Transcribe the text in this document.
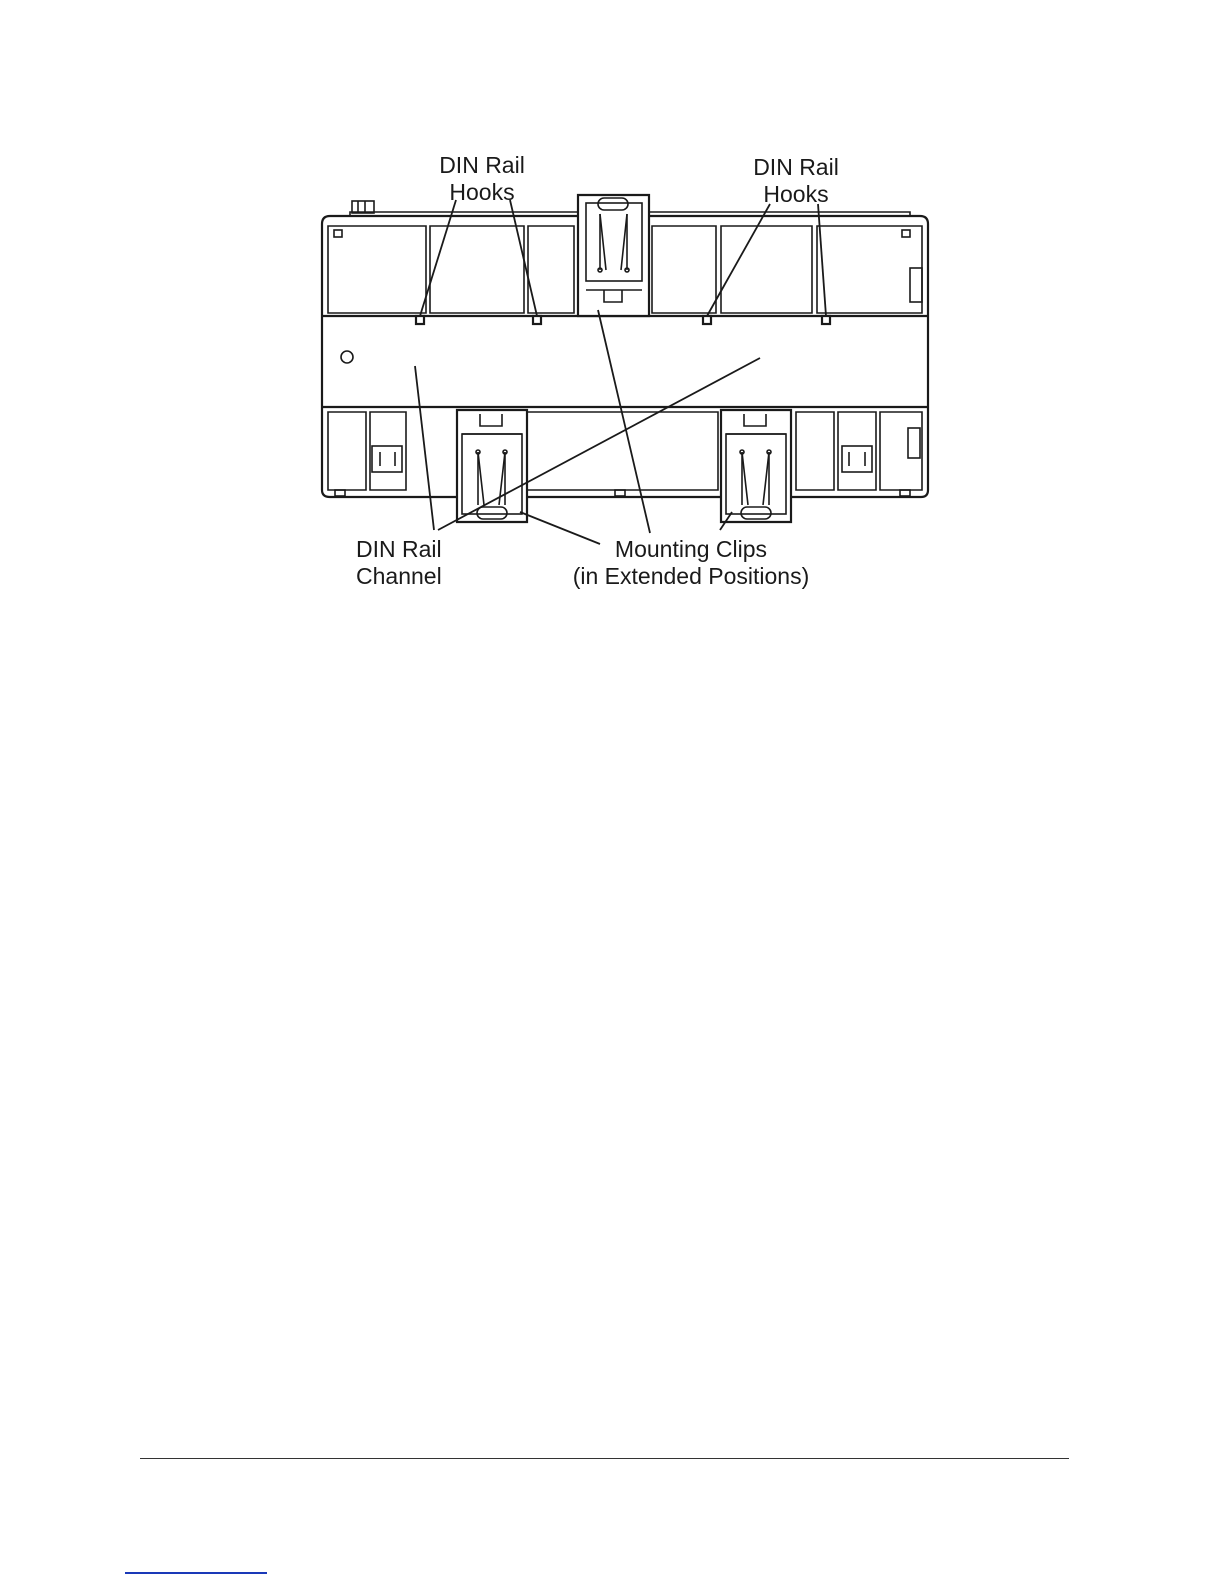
DIN Rail
Hooks
DIN Rail
Hooks
DIN Rail
Channel
Mounting Clips
(in Extended Positions)
